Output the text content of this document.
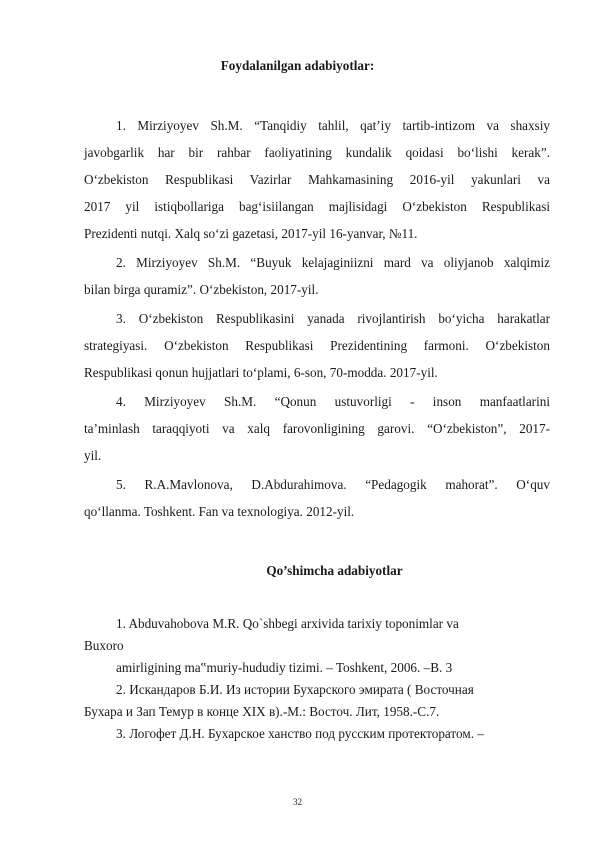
Foydalanilgan adabiyotlar:
1. Mirziyoyev Sh.M. “Tanqidiy tahlil, qat’iy tartib-intizom va shaxsiy
javobgarlik har bir rahbar faoliyatining kundalik qoidasi bo‘lishi kerak”.
O‘zbekiston Respublikasi Vazirlar Mahkamasining 2016-yil yakunlari va
2017 yil istiqbollariga bag‘isiilangan majlisidagi O‘zbekiston Respublikasi
Prezidenti nutqi. Xalq so‘zi gazetasi, 2017-yil 16-yanvar, №11.
2. Mirziyoyev Sh.M. “Buyuk kelajaginiizni mard va oliyjanob xalqimiz
bilan birga quramiz”. O‘zbekiston, 2017-yil.
3. O‘zbekiston Respublikasini yanada rivojlantirish bo‘yicha harakatlar
strategiyasi. O‘zbekiston Respublikasi Prezidentining farmoni. O‘zbekiston
Respublikasi qonun hujjatlari to‘plami, 6-son, 70-modda. 2017-yil.
4. Mirziyoyev Sh.M. “Qonun ustuvorligi - inson manfaatlarini
ta’minlash taraqqiyoti va xalq farovonligining garovi. “O‘zbekiston”, 2017-
yil.
5. R.A.Mavlonova, D.Abdurahimova. “Pedagogik mahorat”. O‘quv
qo‘llanma. Toshkent. Fan va texnologiya. 2012-yil.
Qo’shimcha adabiyotlar
1. Abduvahobova M.R. Qo`shbegi arxivida tarixiy toponimlar va
Buxoro
amirligining ma‟muriy-hududiy tizimi. – Toshkent, 2006. –B. 3
2. Искандаров Б.И. Из истории Бухарского эмирата ( Восточная
Бухара и Зап Темур в конце XIX в).-М.: Восточ. Лит, 1958.-С.7.
3. Логофет Д.Н. Бухарское ханство под русским протекторатом. –
32
